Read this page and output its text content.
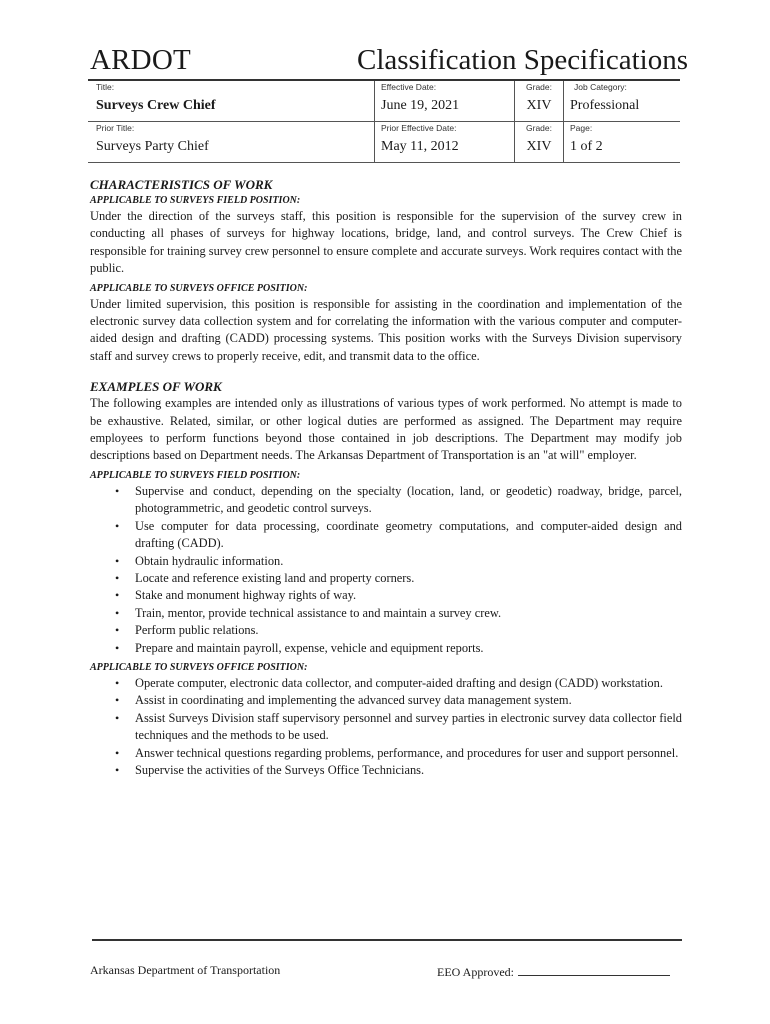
ARDOT	Classification Specifications
Title:	Effective Date:	Grade:	Job Category:

Surveys Crew Chief	June 19, 2021	XIV	Professional

Prior Title:	Prior Effective Date:	Grade:	Page:

Surveys Party Chief	May 11, 2012	XIV	1 of 2
CHARACTERISTICS OF WORK
APPLICABLE TO SURVEYS FIELD POSITION:

Under the direction of the surveys staff, this position is responsible for the supervision of the survey crew in conducting all phases of surveys for highway locations, bridge, land, and control surveys. The Crew Chief is responsible for training survey crew personnel to ensure complete and accurate surveys. Work requires contact with the public.

APPLICABLE TO SURVEYS OFFICE POSITION:

Under limited supervision, this position is responsible for assisting in the coordination and implementation of the electronic survey data collection system and for correlating the information with the various computer and computer-aided design and drafting (CADD) processing systems. This position works with the Surveys Division supervisory staff and survey crews to properly receive, edit, and transmit data to the office.

EXAMPLES OF WORK

The following examples are intended only as illustrations of various types of work performed. No attempt is made to be exhaustive. Related, similar, or other logical duties are performed as assigned. The Department may require employees to perform functions beyond those contained in job descriptions. The Department may modify job descriptions based on Department needs. The Arkansas Department of Transportation is an "at will" employer.

APPLICABLE TO SURVEYS FIELD POSITION:
• Supervise and conduct, depending on the specialty (location, land, or geodetic) roadway, bridge, parcel, photogrammetric, and geodetic control surveys.
• Use computer for data processing, coordinate geometry computations, and computer-aided design and drafting (CADD).
• Obtain hydraulic information.
• Locate and reference existing land and property corners.
• Stake and monument highway rights of way.
• Train, mentor, provide technical assistance to and maintain a survey crew.
• Perform public relations.
• Prepare and maintain payroll, expense, vehicle and equipment reports.
APPLICABLE TO SURVEYS OFFICE POSITION:
• Operate computer, electronic data collector, and computer-aided drafting and design (CADD) workstation.
• Assist in coordinating and implementing the advanced survey data management system.
• Assist Surveys Division staff supervisory personnel and survey parties in electronic survey data collector field techniques and the methods to be used.
• Answer technical questions regarding problems, performance, and procedures for user and support personnel.
• Supervise the activities of the Surveys Office Technicians.
Arkansas Department of Transportation	EEO Approved:
